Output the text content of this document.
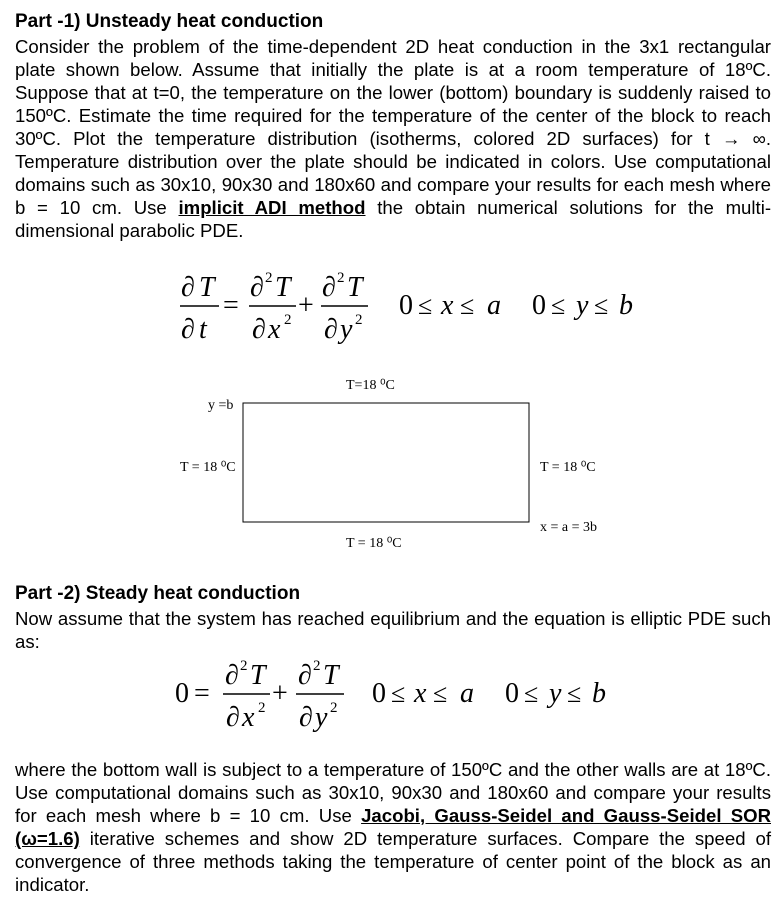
Part -1) Unsteady heat conduction

Consider the problem of the time-dependent 2D heat conduction in the 3x1 rectangular plate shown below. Assume that initially the plate is at a room temperature of 18ºC. Suppose that at t=0, the temperature on the lower (bottom) boundary is suddenly raised to 150ºC. Estimate the time required for the temperature of the center of the block to reach 30ºC. Plot the temperature distribution (isotherms, colored 2D surfaces) for t → ∞. Temperature distribution over the plate should be indicated in colors. Use computational domains such as 30x10, 90x30 and 180x60 and compare your results for each mesh where b = 10 cm. Use implicit ADI method the obtain numerical solutions for the multi-dimensional parabolic PDE.

∂ T
∂ t
=
∂ 2 T
∂ x 2 +
∂ 2 T
∂ y 2 0 ≤ x ≤ a 0 ≤ y ≤ b
T=18 ⁰C
y =b
T = 18 ⁰C	T = 18 ⁰C
x = a = 3b
T = 18 ⁰C
Part -2) Steady heat conduction

Now assume that the system has reached equilibrium and the equation is elliptic PDE such as:

0 =
∂ 2 T
∂ x 2 +
∂ 2 T
∂ y 2 0 ≤ x ≤ a 0 ≤ y ≤ b

where the bottom wall is subject to a temperature of 150ºC and the other walls are at 18ºC. Use computational domains such as 30x10, 90x30 and 180x60 and compare your results for each mesh where b = 10 cm. Use Jacobi, Gauss-Seidel and Gauss-Seidel SOR (ω=1.6) iterative schemes and show 2D temperature surfaces. Compare the speed of convergence of three methods taking the temperature of center point of the block as an indicator.
